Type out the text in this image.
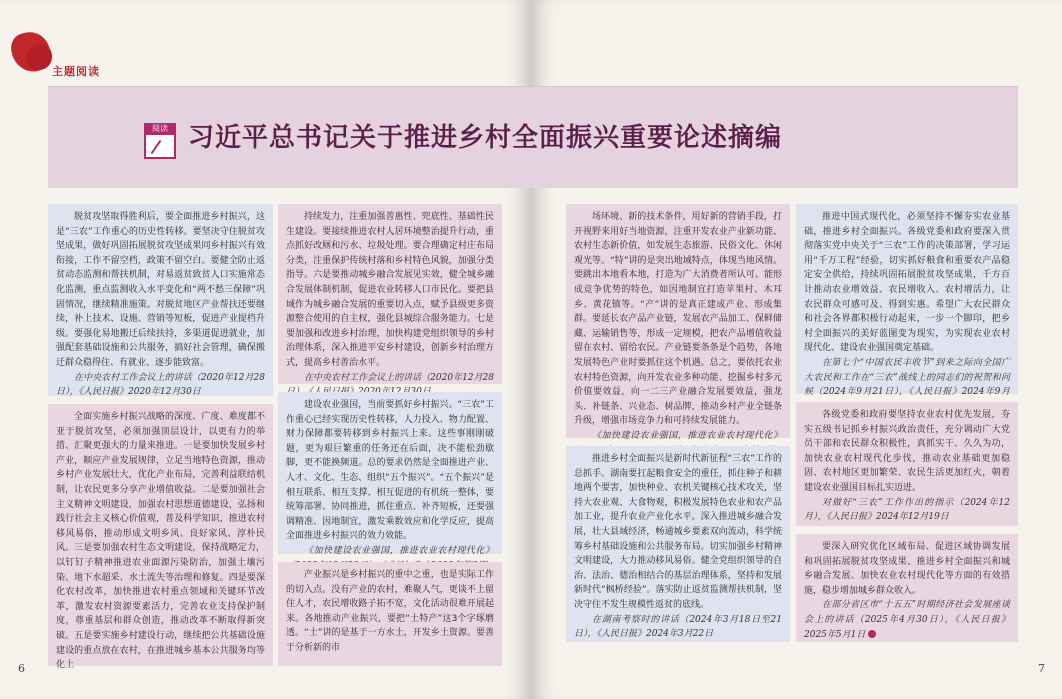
主题阅读
阅读 习近平总书记关于推进乡村全面振兴重要论述摘编

脱贫攻坚取得胜利后，要全面推进乡村振兴，这是“三农”工作重心的历史性转移。要坚决守住脱贫攻坚成果，做好巩固拓展脱贫攻坚成果同乡村振兴有效衔接，工作不留空档，政策不留空白。要健全防止返贫动态监测和帮扶机制，对易返贫致贫人口实施常态化监测，重点监测收入水平变化和“两不愁三保障”巩固情况，继续精准施策。对脱贫地区产业帮扶还要继续，补上技术、设施、营销等短板，促进产业提档升级。要强化易地搬迁后续扶持，多渠道促进就业，加强配套基础设施和公共服务，搞好社会管理，确保搬迁群众稳得住、有就业、逐步能致富。

在中央农村工作会议上的讲话（2020年12月28日），《人民日报》2020年12月30日

全面实施乡村振兴战略的深度、广度、难度都不亚于脱贫攻坚，必须加强顶层设计，以更有力的举措、汇聚更强大的力量来推进。一是要加快发展乡村产业，顺应产业发展规律，立足当地特色资源，推动乡村产业发展壮大，优化产业布局，完善利益联结机制，让农民更多分享产业增值收益。二是要加强社会主义精神文明建设，加强农村思想道德建设，弘扬和践行社会主义核心价值观，普及科学知识，推进农村移风易俗，推动形成文明乡风、良好家风、淳朴民风。三是要加强农村生态文明建设，保持战略定力，以钉钉子精神推进农业面源污染防治，加强土壤污染、地下水超采、水土流失等治理和修复。四是要深化农村改革，加快推进农村重点领域和关键环节改革，激发农村资源要素活力，完善农业支持保护制度，尊重基层和群众创造，推动改革不断取得新突破。五是要实施乡村建设行动，继续把公共基础设施建设的重点放在农村，在推进城乡基本公共服务均等化上

持续发力，注重加强普惠性、兜底性、基础性民生建设。要接续推进农村人居环境整治提升行动，重点抓好改厕和污水、垃圾处理。要合理确定村庄布局分类，注重保护传统村落和乡村特色风貌，加强分类指导。六是要推动城乡融合发展见实效，健全城乡融合发展体制机制，促进农业转移人口市民化。要把县域作为城乡融合发展的重要切入点，赋予县级更多资源整合使用的自主权，强化县城综合服务能力。七是要加强和改进乡村治理，加快构建党组织领导的乡村治理体系，深入推进平安乡村建设，创新乡村治理方式，提高乡村善治水平。

在中央农村工作会议上的讲话（2020年12月28

建设农业强国，当前要抓好乡村振兴。“三农”工作重心已经实现历史性转移，人力投入、物力配置、财力保障都要转移到乡村振兴上来。这些事刚刚破题，更为艰巨繁重的任务还在后面，决不能松劲歇脚，更不能换频道。总的要求仍然是全面推进产业、人才、文化、生态、组织“五个振兴”。“五个振兴”是相互联系、相互支撑、相互促进的有机统一整体，要统筹部署、协同推进，抓住重点、补齐短板，还要强调精准、因地制宜，激发乘数效应和化学反应，提高全面推进乡村振兴的效力效能。

《加快建设农业强国，推进农业农村现代化》

产业振兴是乡村振兴的重中之重，也是实际工作的切入点。没有产业的农村，难聚人气，更谈不上留住人才，农民增收路子拓不宽，文化活动很难开展起来。各地推动产业振兴，要把“土特产”这3个字琢磨透。“土”讲的是基于一方水土，开发乡土资源。要善于分析新的市

场环境、新的技术条件，用好新的营销手段，打开视野来用好当地资源，注重开发农业产业新功能、农村生态新价值，如发展生态旅游、民俗文化、休闲观光等。“特”讲的是突出地域特点，体现当地风情。要跳出本地看本地，打造为广大消费者所认可、能形成竞争优势的特色，如因地制宜打造苹果村、木耳乡、黄花镇等。“产”讲的是真正建成产业、形成集群。要延长农产品产业链，发展农产品加工、保鲜储藏、运输销售等，形成一定规模，把农产品增值收益留在农村、留给农民。产业链要条条是个趋势，各地发展特色产业时要抓住这个机遇。总之，要依托农业农村特色资源，向开发农业多种功能、挖掘乡村多元价值要效益，向一二三产业融合发展要效益，强龙头、补链条、兴业态、树品牌，推动乡村产业全链条升级，增强市场竞争力和可持续发展能力。

《加快建设农业强国，推进农业农村现代化》

推进乡村全面振兴是新时代新征程“三农”工作的总抓手。湖南要扛起粮食安全的重任，抓住种子和耕地两个要害，加快种业、农机关键核心技术攻关，坚持大农业观、大食物观，积极发展特色农业和农产品加工业，提升农业产业化水平。深入推进城乡融合发展，壮大县域经济，畅通城乡要素双向流动，科学统筹乡村基础设施和公共服务布局。切实加强乡村精神文明建设，大力推动移风易俗。健全党组织领导的自治、法治、德治相结合的基层治理体系，坚持和发展新时代“枫桥经验”。落实防止返贫监测帮扶机制，坚决守住不发生规模性返贫的底线。

在湖南考察时的讲话（2024年3月18日至21日），《人民日报》2024年3月22日

推进中国式现代化，必须坚持不懈夯实农业基础，推进乡村全面振兴。各级党委和政府要深入贯彻落实党中央关于“三农”工作的决策部署，学习运用“千万工程”经验，切实抓好粮食和重要农产品稳定安全供给，持续巩固拓展脱贫攻坚成果，千方百计推动农业增效益、农民增收入、农村增活力，让农民群众可感可及、得到实惠。希望广大农民群众和社会各界都积极行动起来，一步一个脚印，把乡村全面振兴的美好蓝图变为现实，为实现农业农村现代化、建设农业强国奠定基础。

在第七个“中国农民丰收节”到来之际向全国广大农民和工作在“三农”战线上的同志们的祝贺和问候（2024年9月21日），《人民日报》2024年9月

各级党委和政府要坚持农业农村优先发展，夯实五级书记抓乡村振兴政治责任，充分调动广大党员干部和农民群众积极性，真抓实干、久久为功，加快农业农村现代化步伐，推动农业基础更加稳固、农村地区更加繁荣、农民生活更加红火，朝着建设农业强国目标扎实迈进。

对做好“三农”工作作出的指示（2024年12月），《人民日报》2024年12月19日

要深入研究优化区域布局、促进区域协调发展和巩固拓展脱贫攻坚成果、推进乡村全面振兴和城乡融合发展、加快农业农村现代化等方面的有效措施，稳步增加城乡群众收入。

在部分省区市“十五五”时期经济社会发展座谈会上的讲话（2025年4月30日），《人民日报》2025年5月1日

6	7
